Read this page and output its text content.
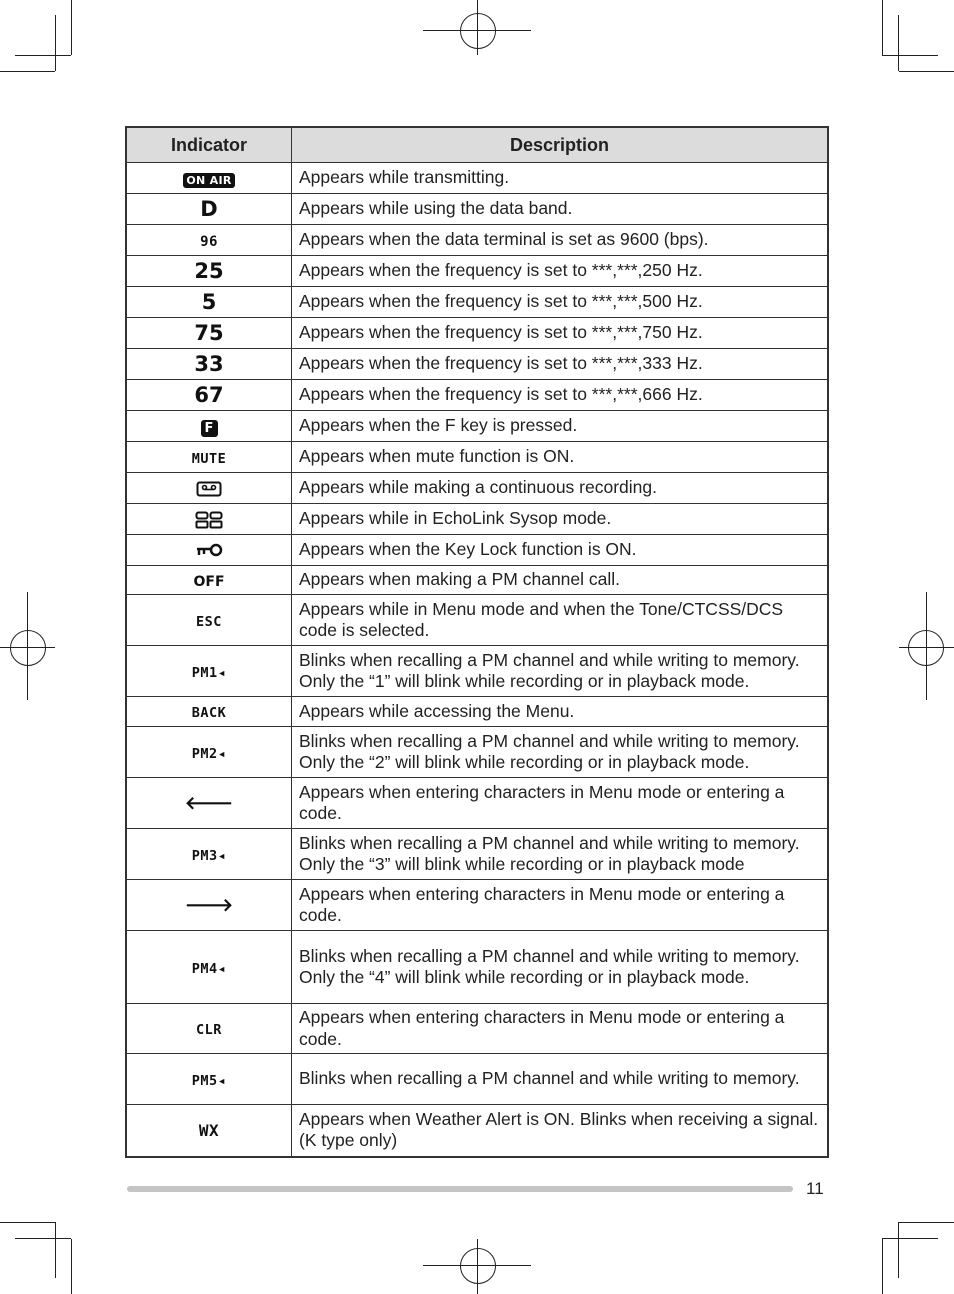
Indicator	Description
ON AIR	Appears while transmitting.
D	Appears while using the data band.
96	Appears when the data terminal is set as 9600 (bps).
25	Appears when the frequency is set to ***,***,250 Hz.
5	Appears when the frequency is set to ***,***,500 Hz.
75	Appears when the frequency is set to ***,***,750 Hz.
33	Appears when the frequency is set to ***,***,333 Hz.
67	Appears when the frequency is set to ***,***,666 Hz.
F	Appears when the F key is pressed.
MUTE	Appears when mute function is ON.
	Appears while making a continuous recording.
	Appears while in EchoLink Sysop mode.
	Appears when the Key Lock function is ON.
OFF	Appears when making a PM channel call.
ESC	Appears while in Menu mode and when the Tone/CTCSS/DCS code is selected.
PM1◂	Blinks when recalling a PM channel and while writing to memory. Only the “1” will blink while recording or in playback mode.
BACK	Appears while accessing the Menu.
PM2◂	Blinks when recalling a PM channel and while writing to memory. Only the “2” will blink while recording or in playback mode.
🡐	Appears when entering characters in Menu mode or entering a code.
PM3◂	Blinks when recalling a PM channel and while writing to memory. Only the “3” will blink while recording or in playback mode
🡒	Appears when entering characters in Menu mode or entering a code.
PM4◂	Blinks when recalling a PM channel and while writing to memory. Only the “4” will blink while recording or in playback mode.
CLR	Appears when entering characters in Menu mode or entering a code.
PM5◂	Blinks when recalling a PM channel and while writing to memory.
WX	Appears when Weather Alert is ON. Blinks when receiving a signal. (K type only)
11
